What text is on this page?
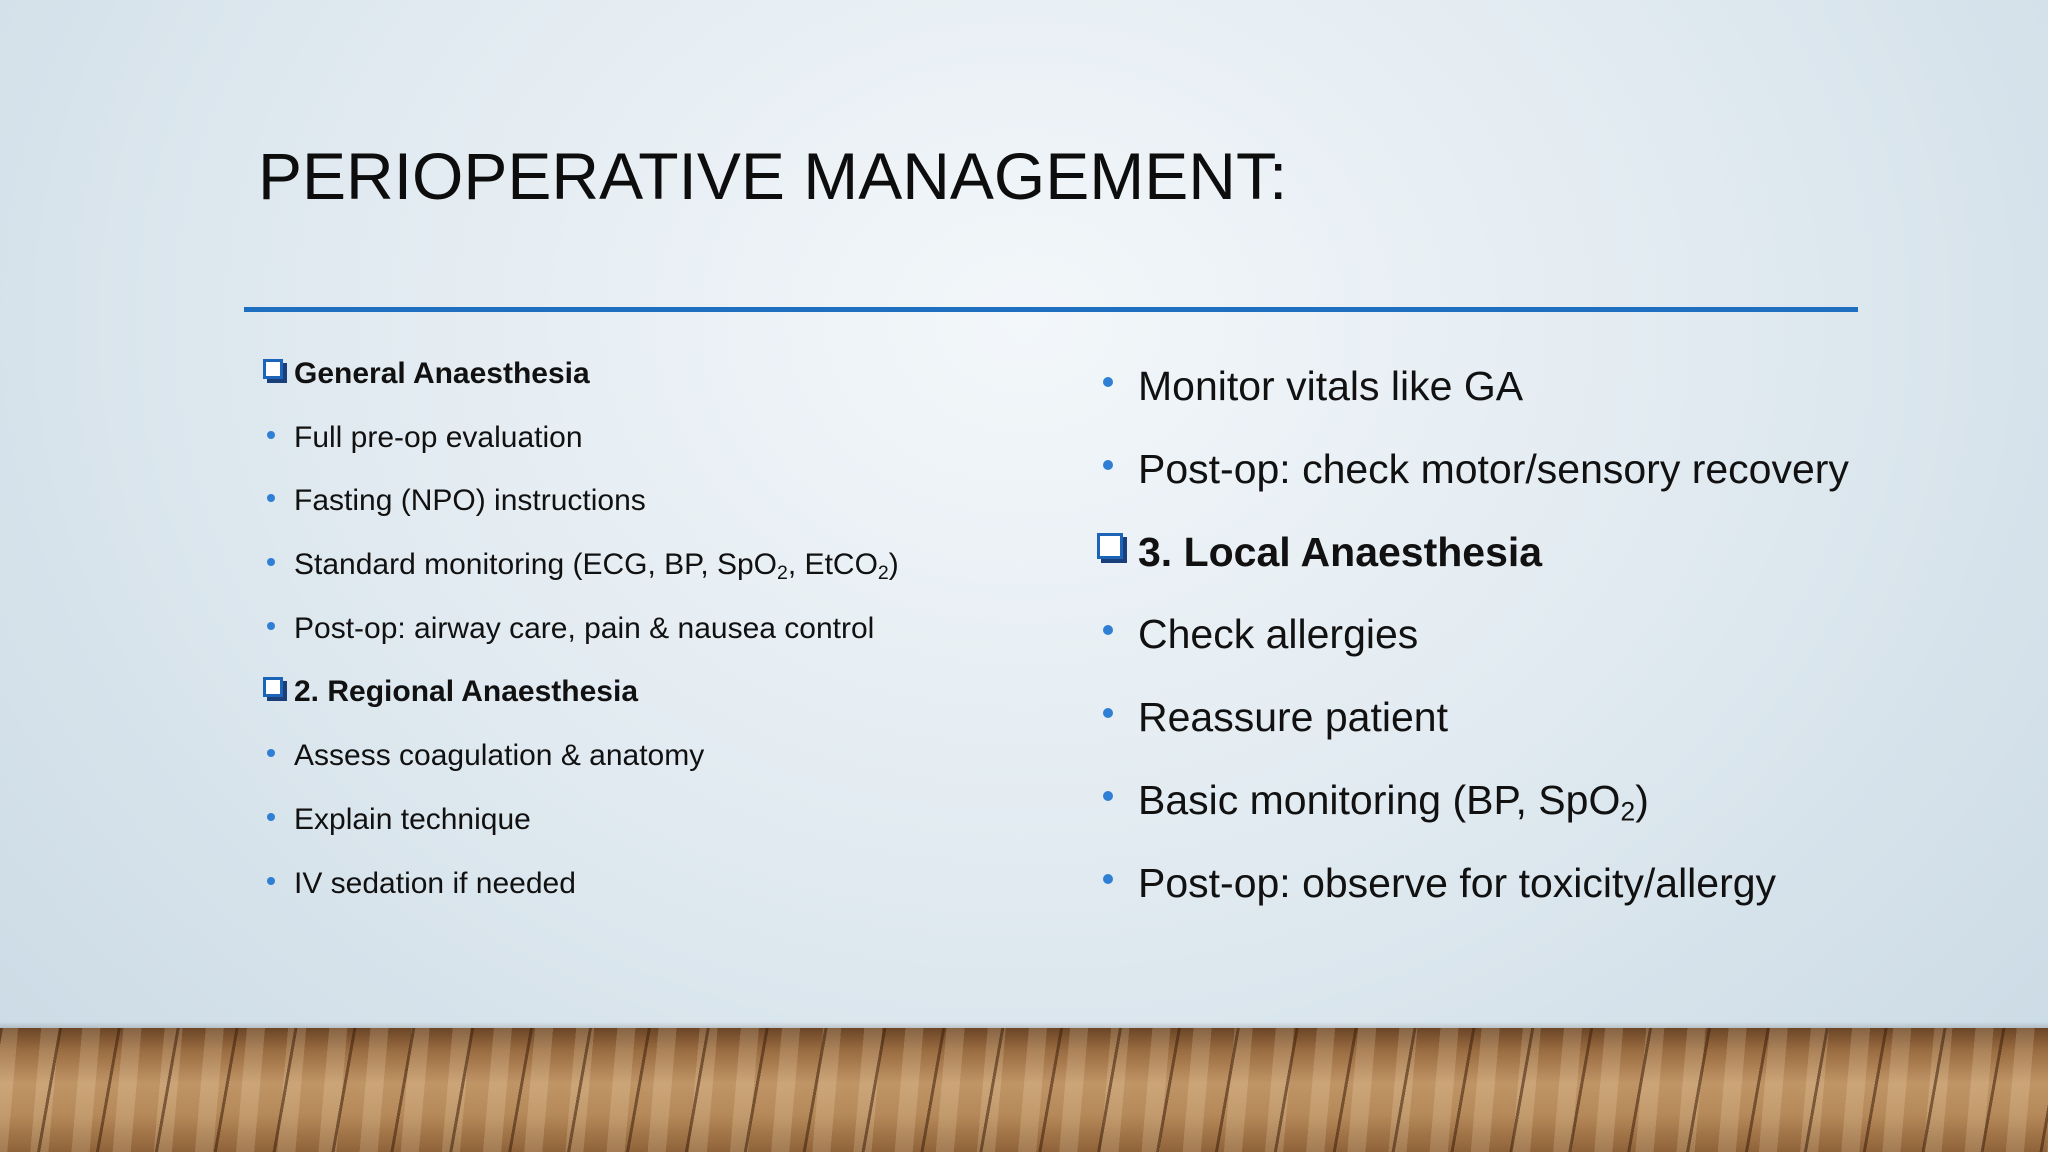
PERIOPERATIVE MANAGEMENT:
General Anaesthesia
Full pre-op evaluation
Fasting (NPO) instructions
Standard monitoring (ECG, BP, SpO$_2$, EtCO$_2$)
Post-op: airway care, pain & nausea control
2. Regional Anaesthesia
Assess coagulation & anatomy
Explain technique
IV sedation if needed
Monitor vitals like GA
Post-op: check motor/sensory recovery
3. Local Anaesthesia
Check allergies
Reassure patient
Basic monitoring (BP, SpO$_2$)
Post-op: observe for toxicity/allergy
